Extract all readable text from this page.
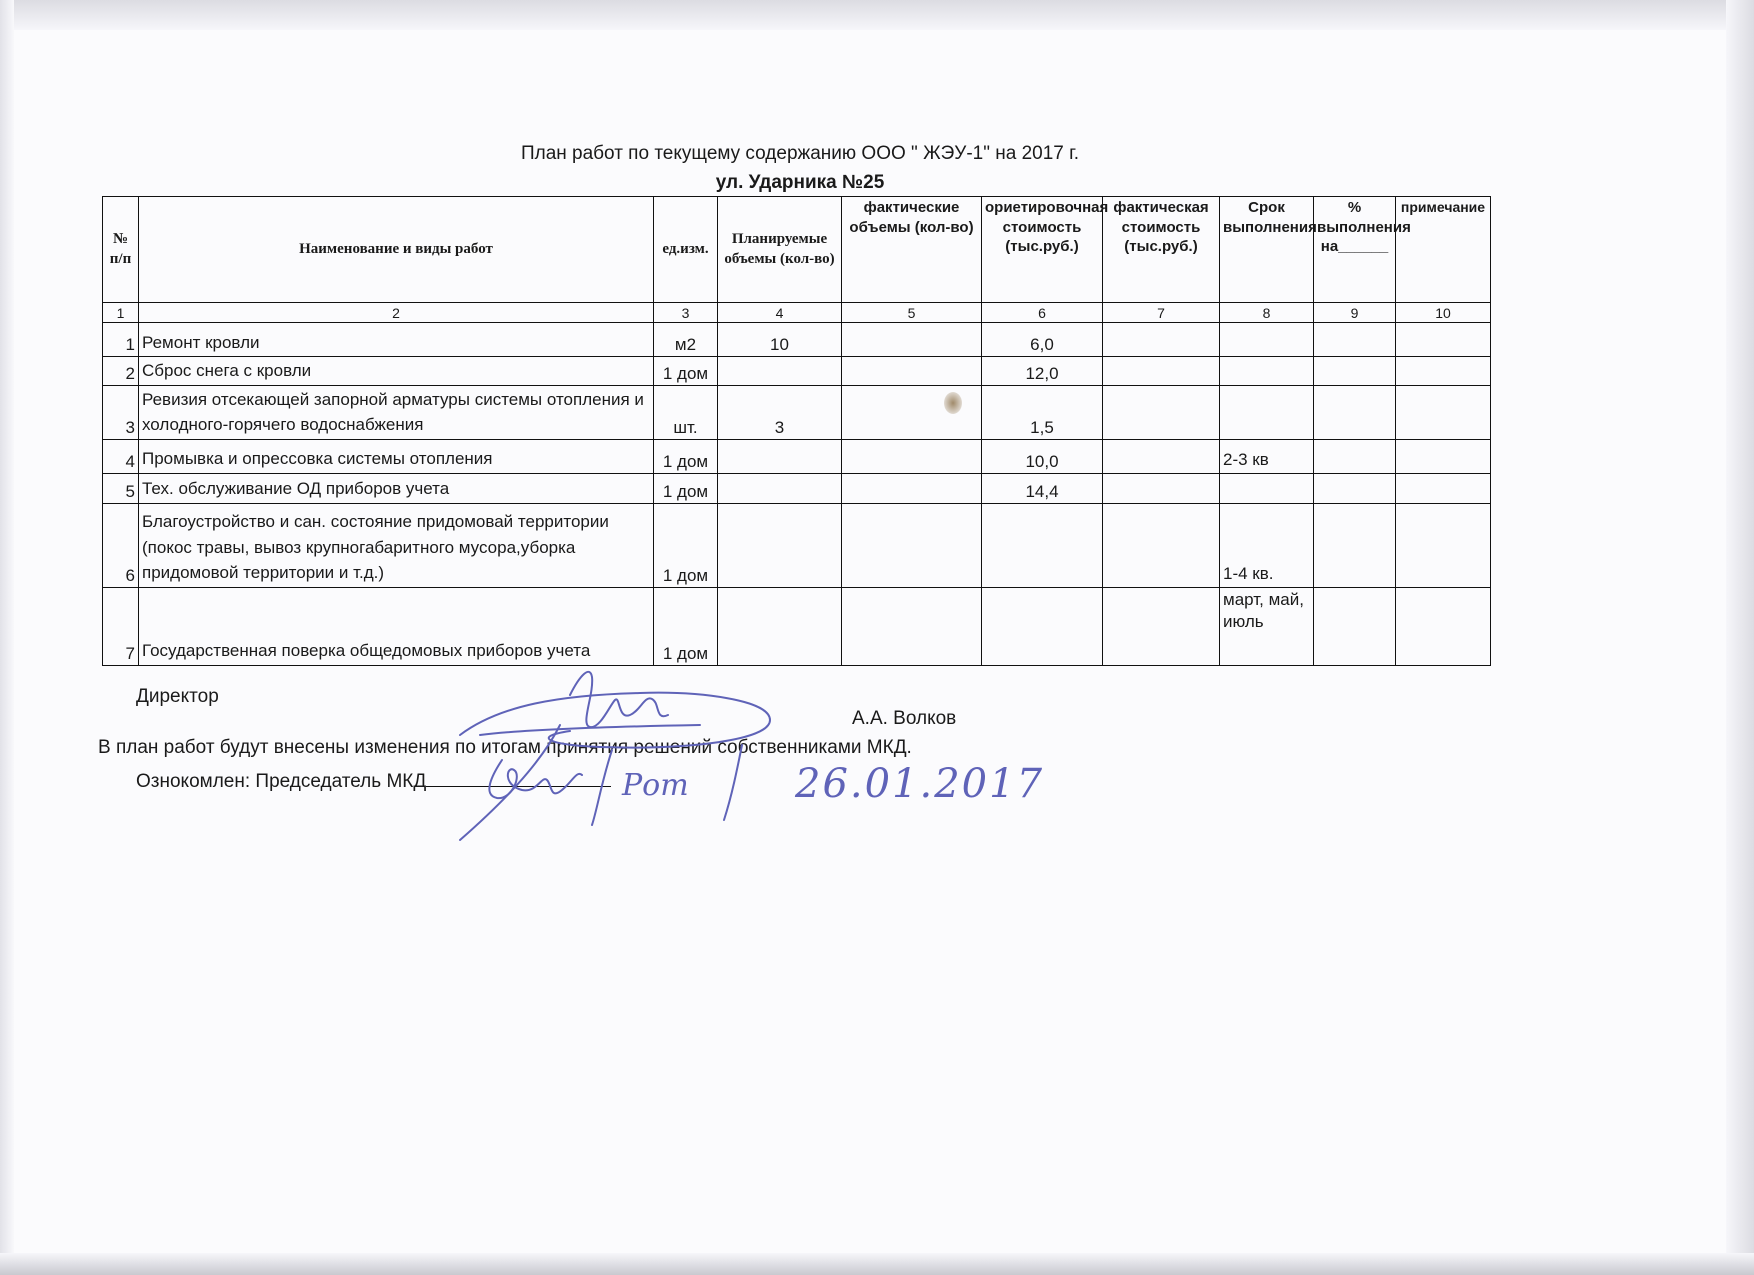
План работ по текущему содержанию ООО " ЖЭУ-1" на 2017 г.
ул. Ударника №25
№ п/п	Наименование и виды работ	ед.изм.	Планируемые объемы (кол-во)	фактические объемы (кол-во)	ориетировочная стоимость (тыс.руб.)	фактическая стоимость (тыс.руб.)	Срок выполнения	% выполнения на______	примечание
1	2	3	4	5	6	7	8	9	10
1	Ремонт кровли	м2	10		6,0				
2	Сброс снега с кровли	1 дом			12,0				
3	Ревизия отсекающей запорной арматуры системы отопления и холодного-горячего водоснабжения	шт.	3		1,5				
4	Промывка и опрессовка системы отопления	1 дом			10,0		2-3 кв		
5	Тех. обслуживание ОД приборов учета	1 дом			14,4				
6	Благоустройство и сан. состояние придомовай территории (покос травы, вывоз крупногабаритного мусора,уборка придомовой территории и т.д.)	1 дом					1-4 кв.		
7	Государственная поверка общедомовых приборов учета	1 дом					март, май, июль		
Директор
А.А. Волков
В план работ будут внесены изменения по итогам принятия решений собственниками МКД.
Ознокомлен: Председатель МКД	Рот	26.01.2017
